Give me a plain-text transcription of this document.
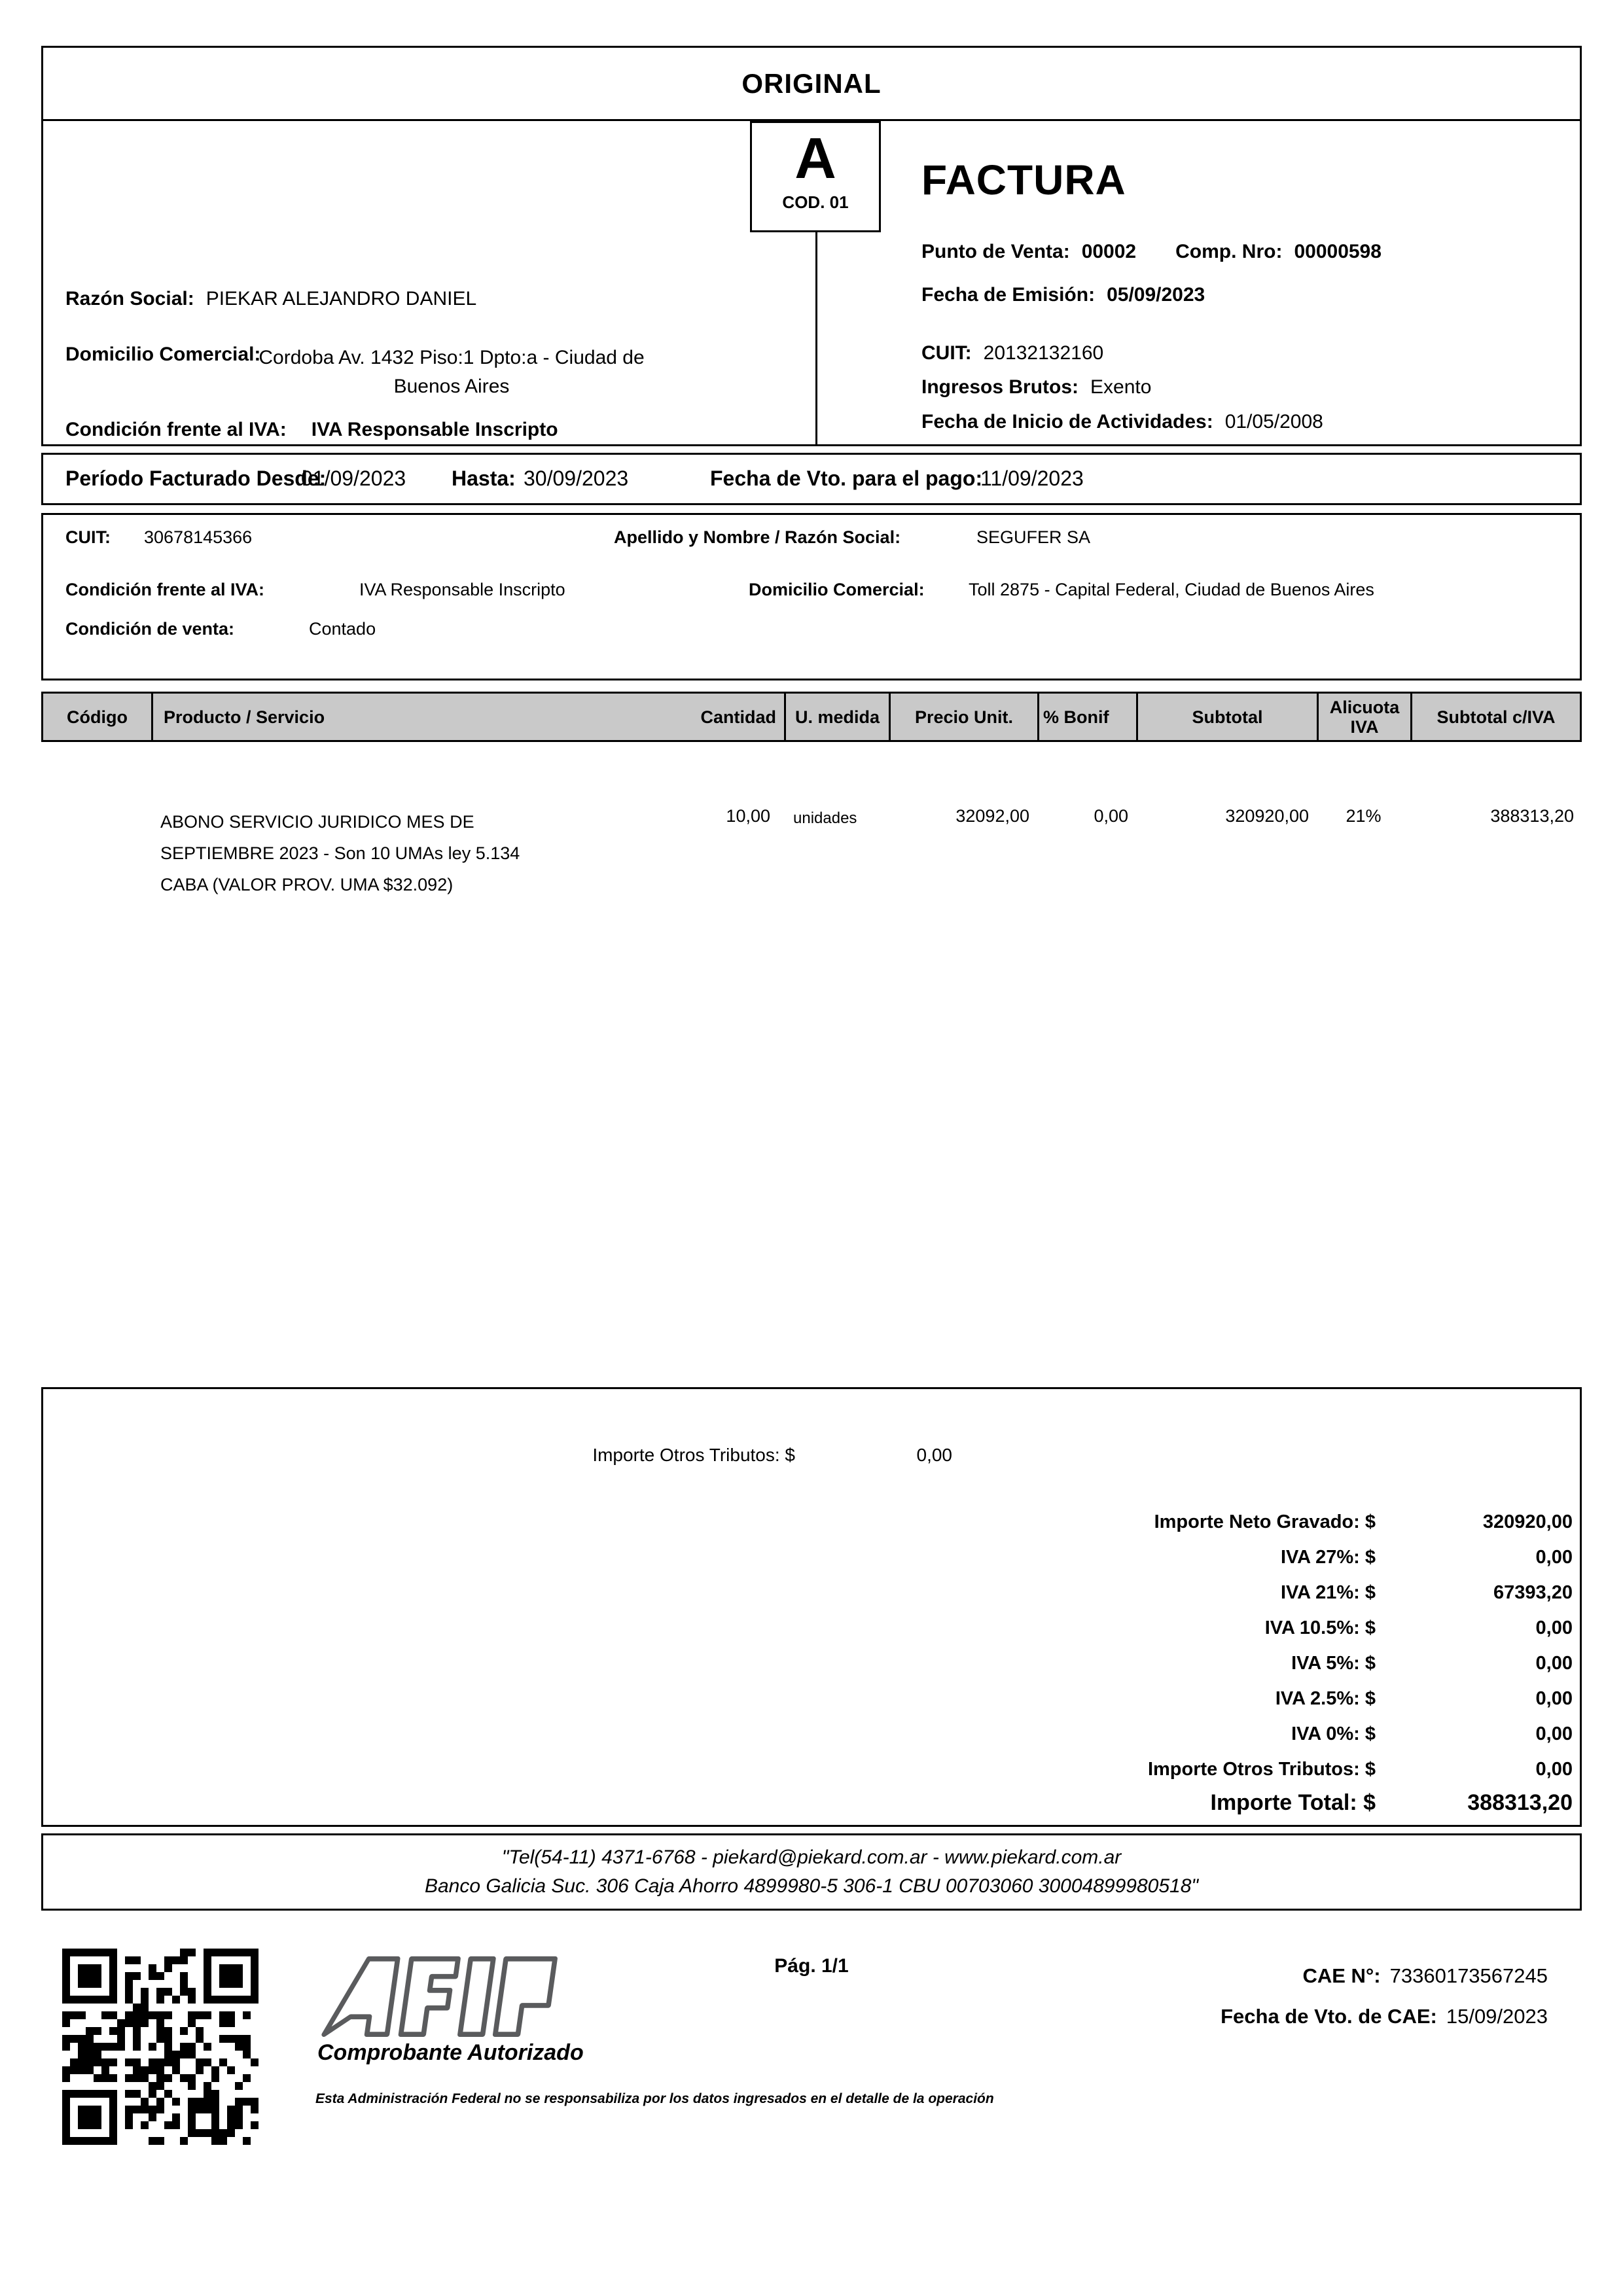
ORIGINAL
A
COD. 01
Razón Social: PIEKAR ALEJANDRO DANIEL
Domicilio Comercial:
Cordoba Av. 1432 Piso:1 Dpto:a - Ciudad de Buenos Aires
Condición frente al IVA: IVA Responsable Inscripto
FACTURA
Punto de Venta: 00002 Comp. Nro: 00000598
Fecha de Emisión: 05/09/2023
CUIT: 20132132160
Ingresos Brutos: Exento
Fecha de Inicio de Actividades: 01/05/2008
Período Facturado Desde:
01/09/2023 Hasta: 30/09/2023	Fecha de Vto. para el pago:
11/09/2023
CUIT: 30678145366	Apellido y Nombre / Razón Social:	SEGUFER SA
Condición frente al IVA:	IVA Responsable Inscripto	Domicilio Comercial: Toll 2875 - Capital Federal, Ciudad de Buenos Aires
Condición de venta:	Contado
Código	Producto / Servicio	Cantidad	U. medida	Precio Unit.	% Bonif	Subtotal	Alicuota IVA	Subtotal c/IVA
ABONO SERVICIO JURIDICO MES DE SEPTIEMBRE 2023 - Son 10 UMAs ley 5.134 CABA (VALOR PROV. UMA $32.092)
10,00 unidades	32092,00	0,00	320920,00	21%	388313,20
Importe Otros Tributos: $	0,00
Importe Neto Gravado: $	320920,00
IVA 27%: $	0,00
IVA 21%: $	67393,20
IVA 10.5%: $	0,00
IVA 5%: $	0,00
IVA 2.5%: $	0,00
IVA 0%: $	0,00
Importe Otros Tributos: $	0,00
Importe Total: $	388313,20
"Tel(54-11) 4371-6768 - piekard@piekard.com.ar - www.piekard.com.ar
Banco Galicia Suc. 306 Caja Ahorro 4899980-5 306-1 CBU 00703060 30004899980518"
Comprobante Autorizado
Esta Administración Federal no se responsabiliza por los datos ingresados en el detalle de la operación
Pág. 1/1	CAE N°: 73360173567245
Fecha de Vto. de CAE: 15/09/2023
